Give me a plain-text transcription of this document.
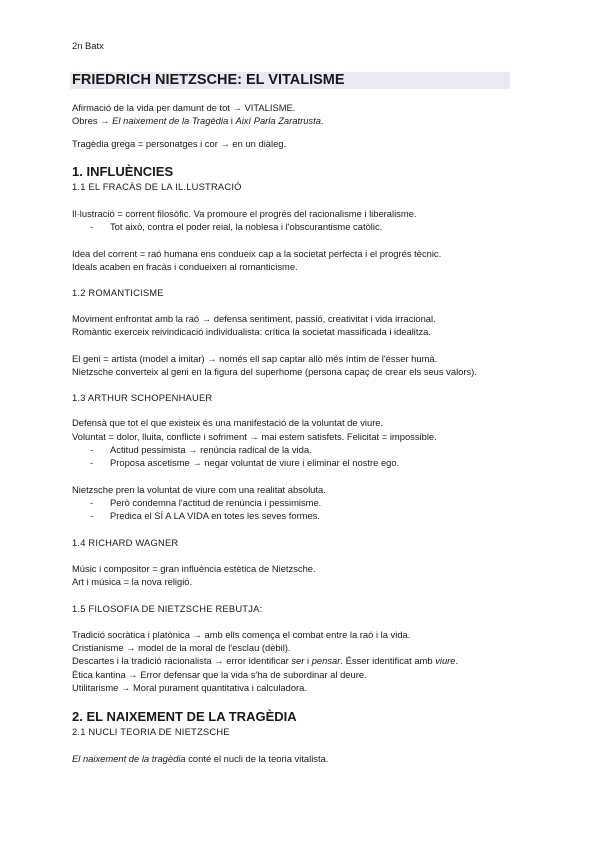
2n Batx
FRIEDRICH NIETZSCHE: EL VITALISME
Afirmació de la vida per damunt de tot → VITALISME.
Obres → El naixement de la Tragèdia i Així Parla Zaratrusta.
Tragèdia grega = personatges i cor → en un diàleg.
1. INFLUÈNCIES
1.1 EL FRACÀS DE LA IL.LUSTRACIÓ
Il·lustració = corrent filosòfic. Va promoure el progrés del racionalisme i liberalisme.
- Tot això, contra el poder reial, la noblesa i l'obscurantisme catòlic.
Idea del corrent = raó humana ens condueix cap a la societat perfecta i el progrés tècnic.
Ideals acaben en fracàs i condueixen al romanticisme.
1.2 ROMANTICISME
Moviment enfrontat amb la raó → defensa sentiment, passió, creativitat i vida irracional.
Romàntic exerceix reivindicació individualista: crítica la societat massificada i idealitza.
El geni = artista (model a imitar) → només ell sap captar allò més íntim de l'ésser humà.
Nietzsche converteix al geni en la figura del superhome (persona capaç de crear els seus valors).
1.3 ARTHUR SCHOPENHAUER
Defensà que tot el que existeix és una manifestació de la voluntat de viure.
Voluntat = dolor, lluita, conflicte i sofriment → mai estem satisfets. Felicitat = impossible.
- Actitud pessimista → renúncia radical de la vida.
- Proposa ascetisme → negar voluntat de viure i eliminar el nostre ego.
Nietzsche pren la voluntat de viure com una realitat absoluta.
- Però condemna l'actitud de renúncia i pessimisme.
- Predica el SÍ A LA VIDA en totes les seves formes.
1.4 RICHARD WAGNER
Músic i compositor = gran influència estètica de Nietzsche.
Art i música = la nova religió.
1.5 FILOSOFIA DE NIETZSCHE REBUTJA:
Tradició socràtica i platònica → amb ells comença el combat entre la raó i la vida.
Cristianisme → model de la moral de l'esclau (dèbil).
Descartes i la tradició racionalista → error identificar ser i pensar. Ésser identificat amb viure.
Ètica kantina → Error defensar que la vida s'ha de subordinar al deure.
Utilitarisme → Moral purament quantitativa i calculadora.
2. EL NAIXEMENT DE LA TRAGÈDIA
2.1 NUCLI TEORIA DE NIETZSCHE
El naixement de la tragèdia conté el nucli de la teoria vitalista.
